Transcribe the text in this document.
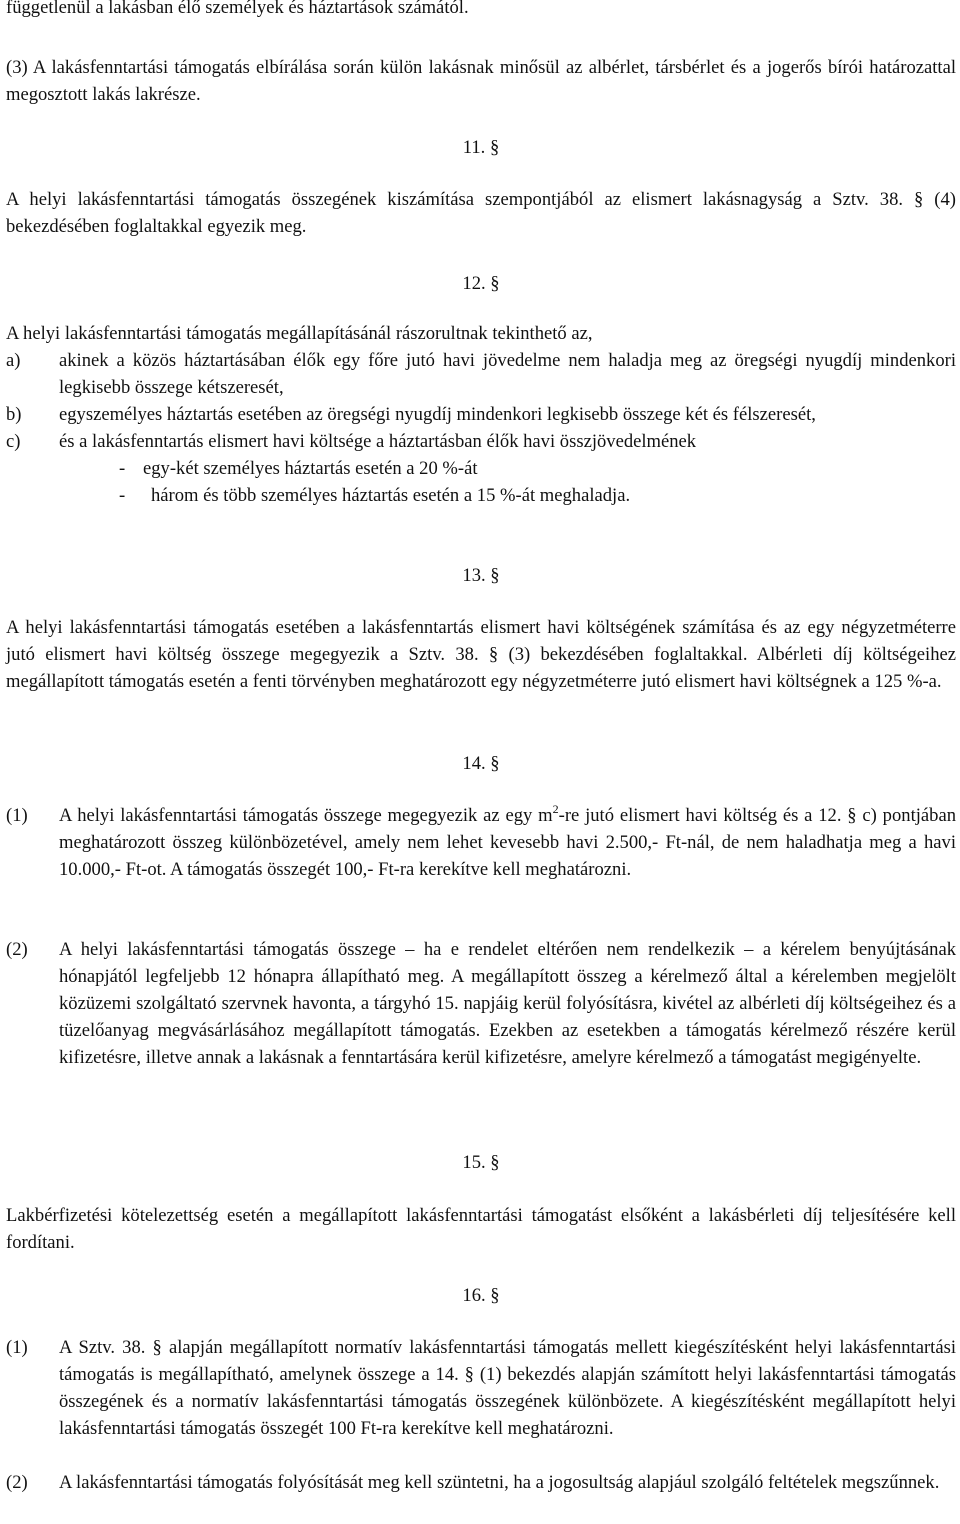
függetlenül a lakásban élő személyek és háztartások számától.

(3) A lakásfenntartási támogatás elbírálása során külön lakásnak minősül az albérlet, társbérlet és a jogerős bírói határozattal megosztott lakás lakrésze.

11. §

A helyi lakásfenntartási támogatás összegének kiszámítása szempontjából az elismert lakásnagyság a Sztv. 38. § (4) bekezdésében foglaltakkal egyezik meg.

12. §

A helyi lakásfenntartási támogatás megállapításánál rászorultnak tekinthető az,

a)	akinek a közös háztartásában élők egy főre jutó havi jövedelme nem haladja meg az öregségi nyugdíj mindenkori legkisebb összege kétszeresét,
b)	egyszemélyes háztartás esetében az öregségi nyugdíj mindenkori legkisebb összege két és félszeresét,
c)	és a lakásfenntartás elismert havi költsége a háztartásban élők havi összjövedelmének
- egy-két személyes háztartás esetén a 20 %-át
-	három és több személyes háztartás esetén a 15 %-át meghaladja.

13. §

A helyi lakásfenntartási támogatás esetében a lakásfenntartás elismert havi költségének számítása és az egy négyzetméterre jutó elismert havi költség összege megegyezik a Sztv. 38. § (3) bekezdésében foglaltakkal. Albérleti díj költségeihez megállapított támogatás esetén a fenti törvényben meghatározott egy négyzetméterre jutó elismert havi költségnek a 125 %-a.

14. §

(1)	A helyi lakásfenntartási támogatás összege megegyezik az egy $m^2-re$ jutó elismert havi költség és a 12. § c) pontjában meghatározott összeg különbözetével, amely nem lehet kevesebb havi 2.500,- Ft-nál, de nem haladhatja meg a havi 10.000,- Ft-ot. A támogatás összegét 100,- Ft-ra kerekítve kell meghatározni.
(2)	A helyi lakásfenntartási támogatás összege – ha e rendelet eltérően nem rendelkezik – a kérelem benyújtásának hónapjától legfeljebb 12 hónapra állapítható meg. A megállapított összeg a kérelmező által a kérelemben megjelölt közüzemi szolgáltató szervnek havonta, a tárgyhó 15. napjáig kerül folyósításra, kivétel az albérleti díj költségeihez és a tüzelőanyag megvásárlásához megállapított támogatás. Ezekben az esetekben a támogatás kérelmező részére kerül kifizetésre, illetve annak a lakásnak a fenntartására kerül kifizetésre, amelyre kérelmező a támogatást megigényelte.

15. §

Lakbérfizetési kötelezettség esetén a megállapított lakásfenntartási támogatást elsőként a lakásbérleti díj teljesítésére kell fordítani.

16. §

(1)	A Sztv. 38. § alapján megállapított normatív lakásfenntartási támogatás mellett kiegészítésként helyi lakásfenntartási támogatás is megállapítható, amelynek összege a 14. § (1) bekezdés alapján számított helyi lakásfenntartási támogatás összegének és a normatív lakásfenntartási támogatás összegének különbözete. A kiegészítésként megállapított helyi lakásfenntartási támogatás összegét 100 Ft-ra kerekítve kell meghatározni.
(2)	A lakásfenntartási támogatás folyósítását meg kell szüntetni, ha a jogosultság alapjául szolgáló feltételek megszűnnek.
